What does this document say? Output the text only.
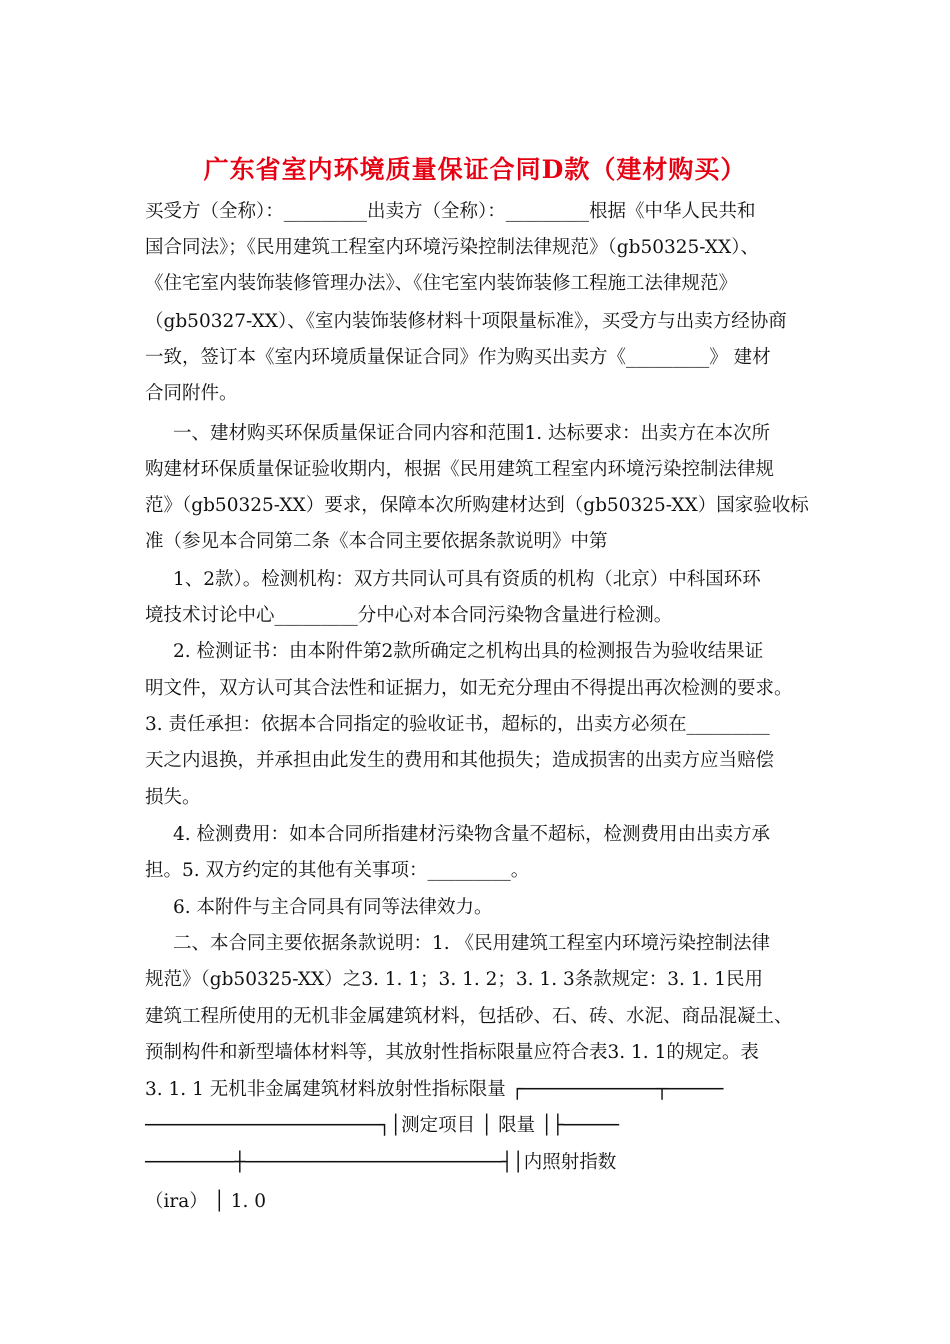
广东省室内环境质量保证合同D款（建材购买）
买受方（全称）：_________出卖方（全称）：_________根据《中华人民共和
国合同法》；《民用建筑工程室内环境污染控制法律规范》（gb50325-XX）、
《住宅室内装饰装修管理办法》、《住宅室内装饰装修工程施工法律规范》
（gb50327-XX）、《室内装饰装修材料十项限量标准》，买受方与出卖方经协商
一致，签订本《室内环境质量保证合同》作为购买出卖方《_________》 建材
合同附件。
一、建材购买环保质量保证合同内容和范围1. 达标要求：出卖方在本次所
购建材环保质量保证验收期内，根据《民用建筑工程室内环境污染控制法律规
范》（gb50325-XX）要求，保障本次所购建材达到（gb50325-XX）国家验收标
准（参见本合同第二条《本合同主要依据条款说明》中第
1、2款）。检测机构：双方共同认可具有资质的机构（北京）中科国环环
境技术讨论中心_________分中心对本合同污染物含量进行检测。
2. 检测证书：由本附件第2款所确定之机构出具的检测报告为验收结果证
明文件，双方认可其合法性和证据力，如无充分理由不得提出再次检测的要求。
3. 责任承担：依据本合同指定的验收证书，超标的，出卖方必须在_________
天之内退换，并承担由此发生的费用和其他损失；造成损害的出卖方应当赔偿
损失。
4. 检测费用：如本合同所指建材污染物含量不超标，检测费用由出卖方承
担。5. 双方约定的其他有关事项：_________。
6. 本附件与主合同具有同等法律效力。
二、本合同主要依据条款说明：1. 《民用建筑工程室内环境污染控制法律
规范》（gb50325-XX）之3. 1. 1；3. 1. 2；3. 1. 3条款规定：3. 1. 1民用
建筑工程所使用的无机非金属建筑材料，包括砂、石、砖、水泥、商品混凝土、
预制构件和新型墙体材料等，其放射性指标限量应符合表3. 1. 1的规定。表
3. 1. 1 无机非金属建筑材料放射性指标限量 ┌────────────┬─────
─────────────────────┐│测定项目 │ 限量 │├─────
────────┼───────────────────────┤│内照射指数
（ira） │ 1. 0
